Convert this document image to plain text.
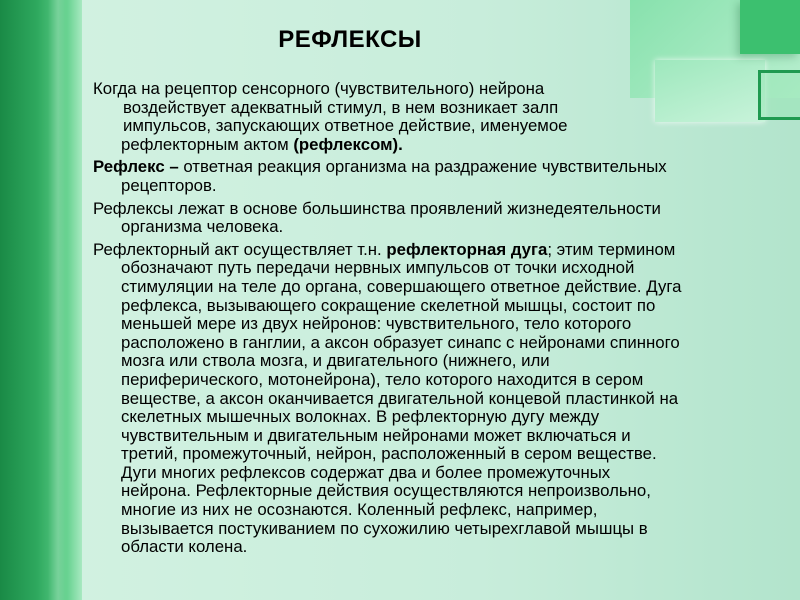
РЕФЛЕКСЫ
Когда на рецептор сенсорного (чувствительного) нейрона
воздействует адекватный стимул, в нем возникает залп
импульсов, запускающих ответное действие, именуемое
рефлекторным актом (рефлексом).
Рефлекс – ответная реакция организма на раздражение чувствительных
рецепторов.
Рефлексы лежат в основе большинства проявлений жизнедеятельности
организма человека.
Рефлекторный акт осуществляет т.н. рефлекторная дуга; этим термином
обозначают путь передачи нервных импульсов от точки исходной
стимуляции на теле до органа, совершающего ответное действие. Дуга
рефлекса, вызывающего сокращение скелетной мышцы, состоит по
меньшей мере из двух нейронов: чувствительного, тело которого
расположено в ганглии, а аксон образует синапс с нейронами спинного
мозга или ствола мозга, и двигательного (нижнего, или
периферического, мотонейрона), тело которого находится в сером
веществе, а аксон оканчивается двигательной концевой пластинкой на
скелетных мышечных волокнах. В рефлекторную дугу между
чувствительным и двигательным нейронами может включаться и
третий, промежуточный, нейрон, расположенный в сером веществе.
Дуги многих рефлексов содержат два и более промежуточных
нейрона. Рефлекторные действия осуществляются непроизвольно,
многие из них не осознаются. Коленный рефлекс, например,
вызывается постукиванием по сухожилию четырехглавой мышцы в
области колена.
